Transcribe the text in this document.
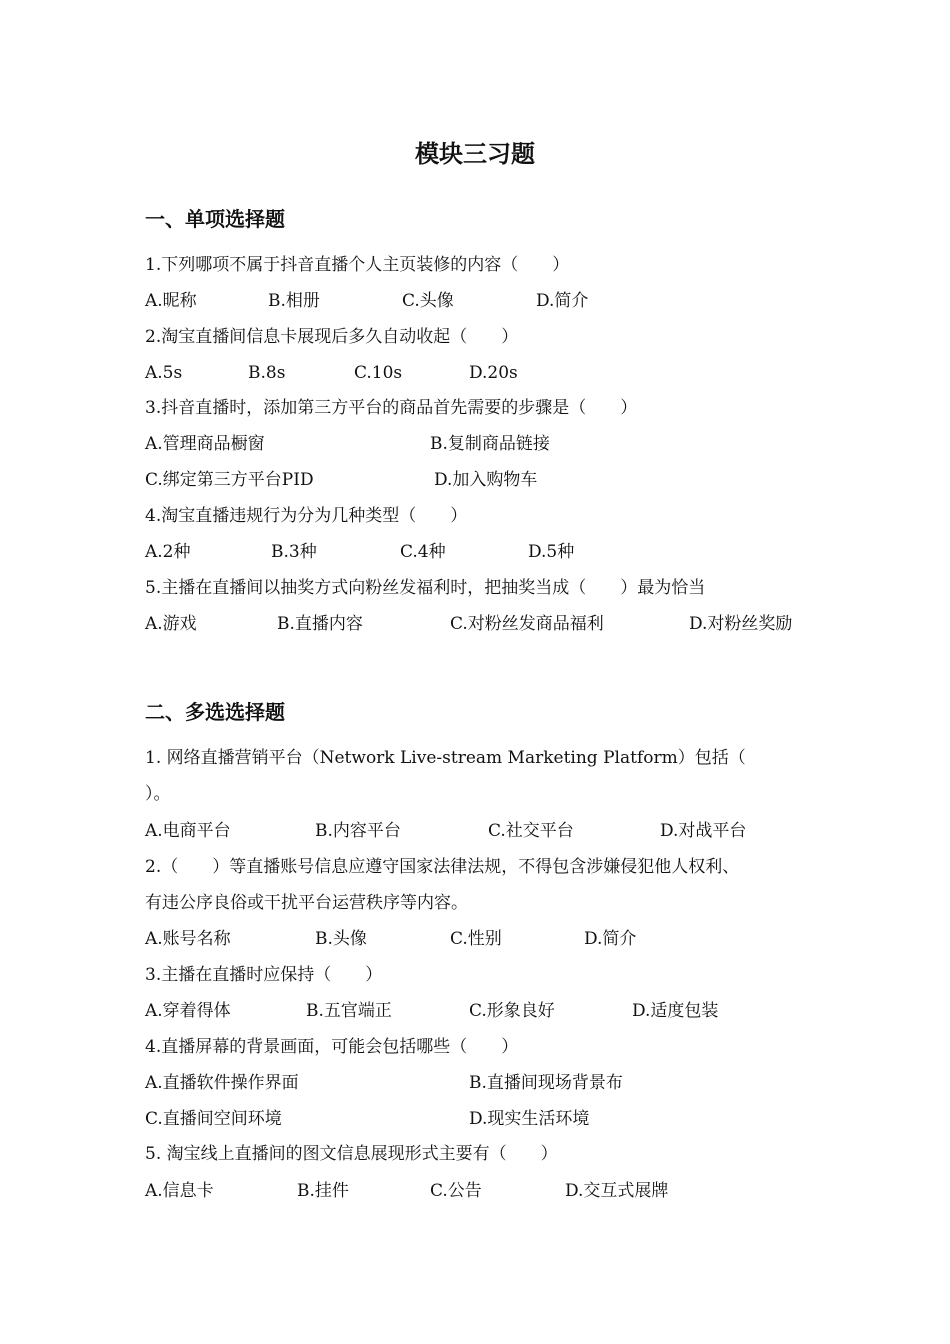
模块三习题
一、单项选择题
1.下列哪项不属于抖音直播个人主页装修的内容（　　）
A.昵称	B.相册	C.头像	D.简介
2.淘宝直播间信息卡展现后多久自动收起（　　）
A.5s	B.8s	C.10s	D.20s
3.抖音直播时，添加第三方平台的商品首先需要的步骤是（　　）
A.管理商品橱窗	B.复制商品链接
C.绑定第三方平台PID	D.加入购物车
4.淘宝直播违规行为分为几种类型（　　）
A.2种	B.3种	C.4种	D.5种
5.主播在直播间以抽奖方式向粉丝发福利时，把抽奖当成（　　）最为恰当
A.游戏	B.直播内容	C.对粉丝发商品福利	D.对粉丝奖励
二、多选选择题
1. 网络直播营销平台（Network Live-stream Marketing Platform）包括（
）。
A.电商平台	B.内容平台	C.社交平台	D.对战平台
2.（　　）等直播账号信息应遵守国家法律法规，不得包含涉嫌侵犯他人权利、
有违公序良俗或干扰平台运营秩序等内容。
A.账号名称	B.头像	C.性别	D.简介
3.主播在直播时应保持（　　）
A.穿着得体	B.五官端正	C.形象良好	D.适度包装
4.直播屏幕的背景画面，可能会包括哪些（　　）
A.直播软件操作界面	B.直播间现场背景布
C.直播间空间环境	D.现实生活环境
5. 淘宝线上直播间的图文信息展现形式主要有（　　）
A.信息卡	B.挂件	C.公告	D.交互式展牌
